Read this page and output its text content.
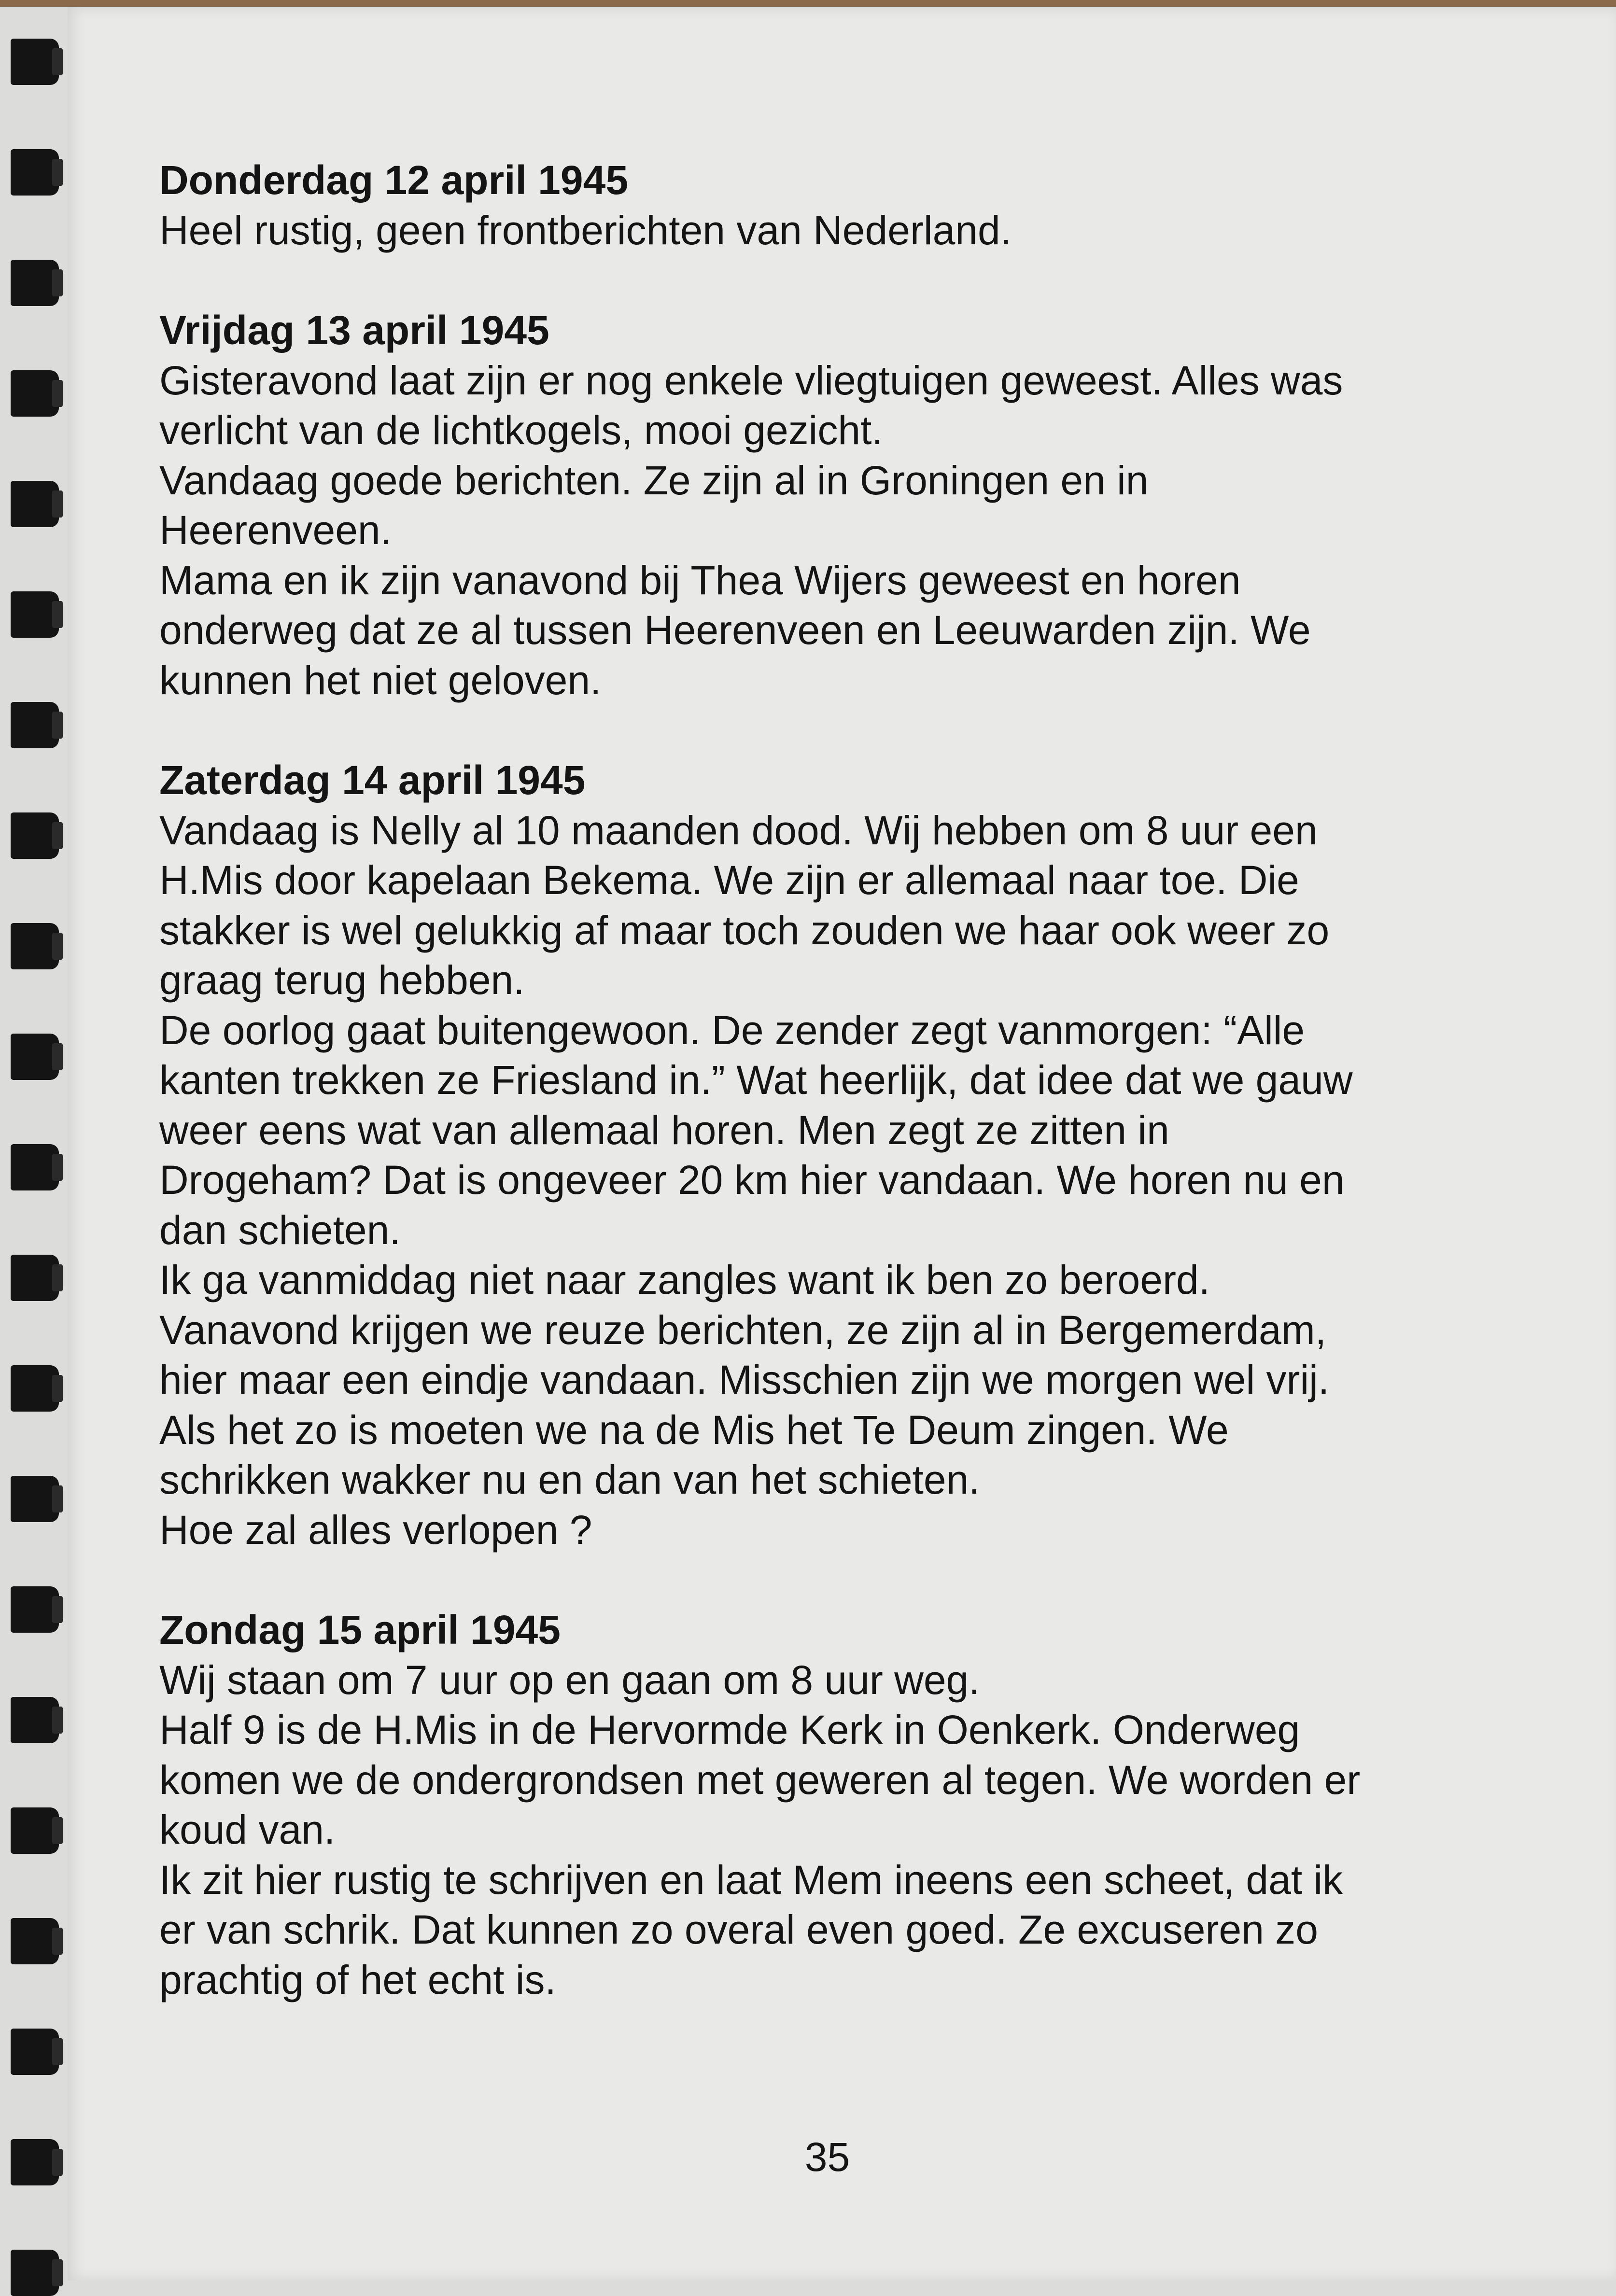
Donderdag 12 april 1945

Heel rustig, geen frontberichten van Nederland.

Vrijdag 13 april 1945

Gisteravond laat zijn er nog enkele vliegtuigen geweest. Alles was

verlicht van de lichtkogels, mooi gezicht.

Vandaag goede berichten. Ze zijn al in Groningen en in

Heerenveen.

Mama en ik zijn vanavond bij Thea Wijers geweest en horen

onderweg dat ze al tussen Heerenveen en Leeuwarden zijn. We

kunnen het niet geloven.

Zaterdag 14 april 1945

Vandaag is Nelly al 10 maanden dood. Wij hebben om 8 uur een

H.Mis door kapelaan Bekema. We zijn er allemaal naar toe. Die

stakker is wel gelukkig af maar toch zouden we haar ook weer zo

graag terug hebben.

De oorlog gaat buitengewoon. De zender zegt vanmorgen: “Alle

kanten trekken ze Friesland in.” Wat heerlijk, dat idee dat we gauw

weer eens wat van allemaal horen. Men zegt ze zitten in

Drogeham? Dat is ongeveer 20 km hier vandaan. We horen nu en

dan schieten.

Ik ga vanmiddag niet naar zangles want ik ben zo beroerd.

Vanavond krijgen we reuze berichten, ze zijn al in Bergemerdam,

hier maar een eindje vandaan. Misschien zijn we morgen wel vrij.

Als het zo is moeten we na de Mis het Te Deum zingen. We

schrikken wakker nu en dan van het schieten.

Hoe zal alles verlopen ?

Zondag 15 april 1945

Wij staan om 7 uur op en gaan om 8 uur weg.

Half 9 is de H.Mis in de Hervormde Kerk in Oenkerk. Onderweg

komen we de ondergrondsen met geweren al tegen. We worden er

koud van.

Ik zit hier rustig te schrijven en laat Mem ineens een scheet, dat ik

er van schrik. Dat kunnen zo overal even goed. Ze excuseren zo

prachtig of het echt is.

35
